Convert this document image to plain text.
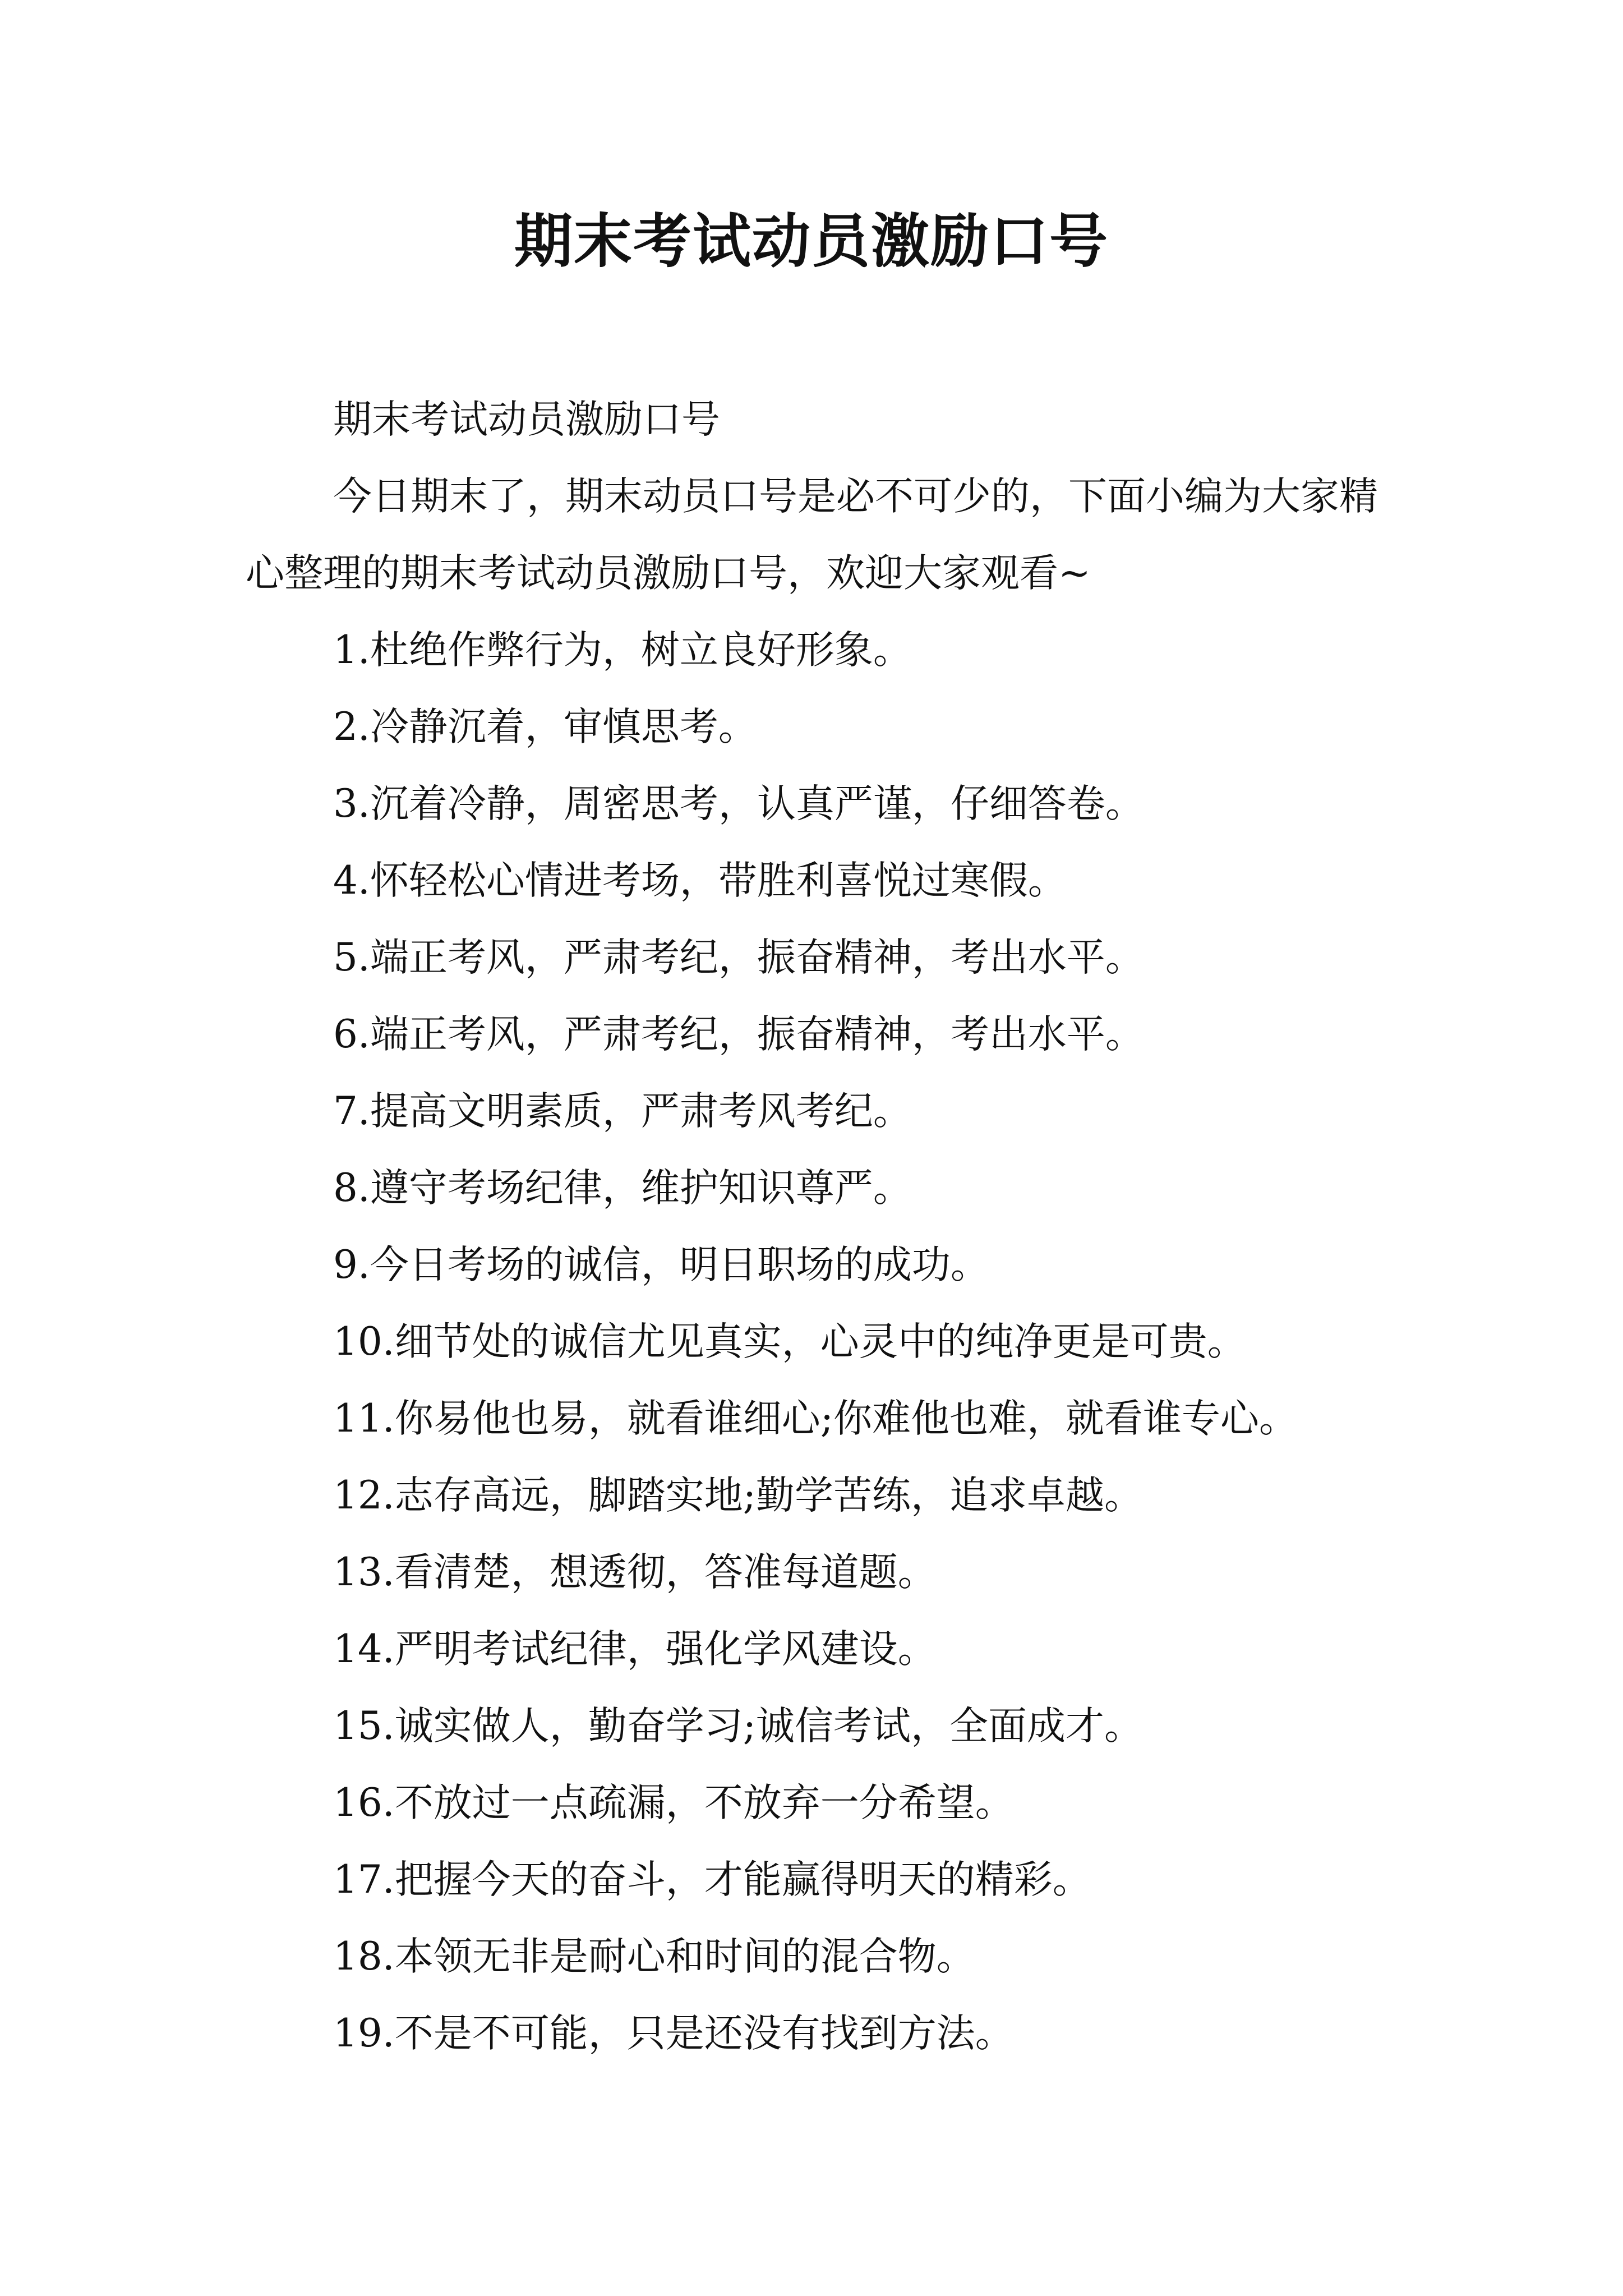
期末考试动员激励口号

期末考试动员激励口号

今日期末了，期末动员口号是必不可少的，下面小编为大家精心整理的期末考试动员激励口号，欢迎大家观看~

1.杜绝作弊行为，树立良好形象。
2.冷静沉着，审慎思考。
3.沉着冷静，周密思考，认真严谨，仔细答卷。
4.怀轻松心情进考场，带胜利喜悦过寒假。
5.端正考风，严肃考纪，振奋精神，考出水平。
6.端正考风，严肃考纪，振奋精神，考出水平。
7.提高文明素质，严肃考风考纪。
8.遵守考场纪律，维护知识尊严。
9.今日考场的诚信，明日职场的成功。
10.细节处的诚信尤见真实，心灵中的纯净更是可贵。
11.你易他也易，就看谁细心;你难他也难，就看谁专心。
12.志存高远，脚踏实地;勤学苦练，追求卓越。
13.看清楚，想透彻，答准每道题。
14.严明考试纪律，强化学风建设。
15.诚实做人，勤奋学习;诚信考试，全面成才。
16.不放过一点疏漏，不放弃一分希望。
17.把握今天的奋斗，才能赢得明天的精彩。
18.本领无非是耐心和时间的混合物。
19.不是不可能，只是还没有找到方法。
